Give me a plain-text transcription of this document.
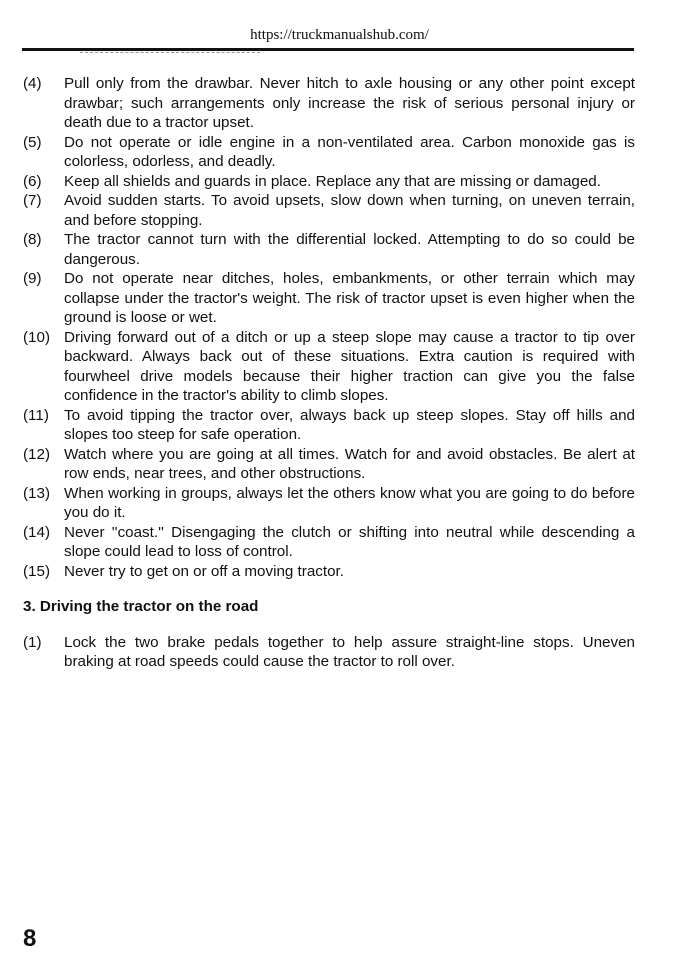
https://truckmanualshub.com/

(4)	Pull only from the drawbar. Never hitch to axle housing or any other point except drawbar; such arrangements only increase the risk of serious personal injury or death due to a tractor upset.

(5)	Do not operate or idle engine in a non-ventilated area. Carbon monoxide gas is colorless, odorless, and deadly.

(6)	Keep all shields and guards in place. Replace any that are missing or damaged.

(7)	Avoid sudden starts. To avoid upsets, slow down when turning, on uneven terrain, and before stopping.

(8)	The tractor cannot turn with the differential locked. Attempting to do so could be dangerous.

(9)	Do not operate near ditches, holes, embankments, or other terrain which may collapse under the tractor's weight. The risk of tractor upset is even higher when the ground is loose or wet.

(10) Driving forward out of a ditch or up a steep slope may cause a tractor to tip over backward. Always back out of these situations. Extra caution is required with fourwheel drive models because their higher traction can give you the false confidence in the tractor's ability to climb slopes.

(11) To avoid tipping the tractor over, always back up steep slopes. Stay off hills and slopes too steep for safe operation.

(12) Watch where you are going at all times. Watch for and avoid obstacles. Be alert at row ends, near trees, and other obstructions.

(13) When working in groups, always let the others know what you are going to do before you do it.

(14) Never ''coast.'' Disengaging the clutch or shifting into neutral while descending a slope could lead to loss of control.

(15) Never try to get on or off a moving tractor.

3. Driving the tractor on the road

(1)	Lock the two brake pedals together to help assure straight-line stops. Uneven braking at road speeds could cause the tractor to roll over.

8
